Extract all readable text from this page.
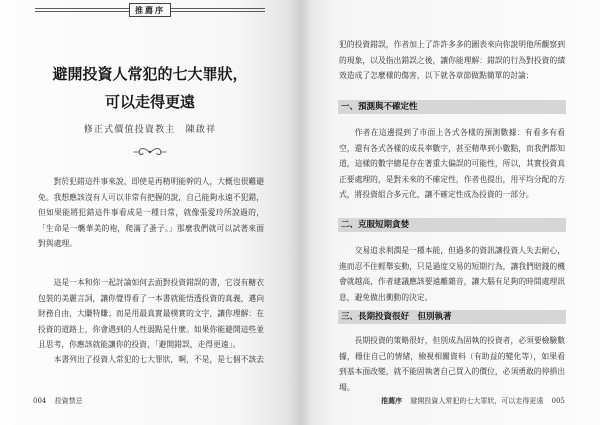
推薦序
避開投資人常犯的七大罪狀，
可以走得更遠
修正式價值投資教主　陳啟祥
對於犯錯這件事來說，即使是再精明能幹的人，大概也很難避免。我想應該沒有人可以非常有把握的說，自己能夠永遠不犯錯，但如果能將犯錯這件事看成是一種日常，就像張愛玲所說過的，「生命是一襲華美的袍，爬滿了蚤子。」那麼我們就可以試著來面對與處理。
這是一本和你一起討論如何去面對投資錯誤的書，它沒有糖衣包裝的美麗言詞，讓你覺得看了一本書就能悟透投資的真義，邁向財務自由，大賺特賺；而是用最真實最樸實的文字，讓你理解：在投資的道路上，你會遇到的人性弱點是什麼。如果你能避開這些並且思考，你應該就能讓你的投資，「避開錯誤，走得更遠」。
本書列出了投資人常犯的七大罪狀，啊，不是，是七個不該去
004 投資禁忌
犯的投資錯誤，作者加上了許許多多的圖表來向你說明他所觀察到的現象，以及指出錯誤之後，讓你能理解：錯誤的行為對投資的績效造成了怎麼樣的傷害，以下就各章節做點簡單的討論：
一、預測與不確定性
作者在這邊提到了市面上各式各樣的預測數據：有看多有看空，還有各式各樣的成長率數字，甚至精準到小數點，而我們都知道，這樣的數字總是存在著重大偏誤的可能性，所以，其實投資真正要處理的，是對未來的不確定性，作者也提出，用平均分配的方式，將投資組合多元化，讓不確定性成為投資的一部分。
二、克服短期貪婪
交易追求利潤是一種本能，但過多的資訊讓投資人失去耐心，進而忍不住輕舉妄動，只是過度交易的短期行為，讓我們賠錢的機會就越高，作者建議應該要遠離雜音，讓大腦有足夠的時間處理訊息，避免做出衝動的決定。
三、長期投資很好　但別執著
長期投資的策略很好，但別成為固執的投資者，必須要檢驗數據，穩住自己的情緒，檢視相關資料（有助益的變化等），如果看到基本面改變，就不能固執著自己買入的價位，必須勇敢的停損出場。
推薦序 避開投資人常犯的七大罪狀，可以走得更遠 005
